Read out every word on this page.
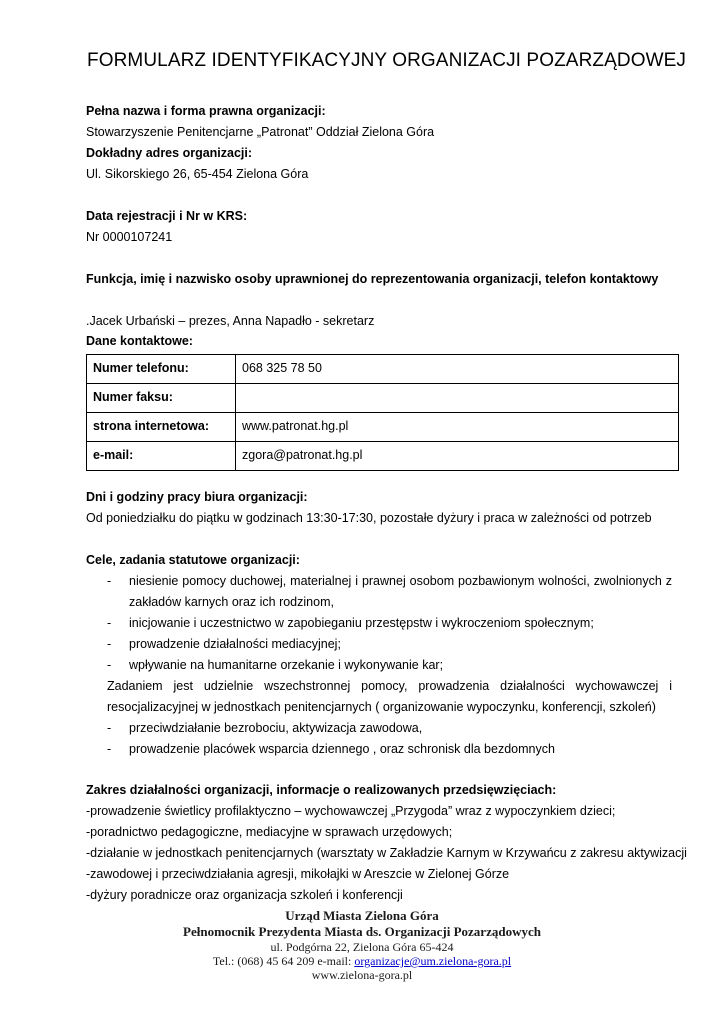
FORMULARZ IDENTYFIKACYJNY ORGANIZACJI POZARZĄDOWEJ
Pełna nazwa i forma prawna organizacji:
Stowarzyszenie Penitencjarne „Patronat” Oddział Zielona Góra
Dokładny adres organizacji:
Ul. Sikorskiego 26, 65-454 Zielona Góra
Data rejestracji i Nr w KRS:
Nr 0000107241
Funkcja, imię i nazwisko osoby uprawnionej do reprezentowania organizacji, telefon kontaktowy
.Jacek Urbański – prezes, Anna Napadło - sekretarz
Dane kontaktowe:
Numer telefonu:	068 325 78 50
Numer faksu:	
strona internetowa:	www.patronat.hg.pl
e-mail:	zgora@patronat.hg.pl
Dni i godziny pracy biura organizacji:
Od poniedziałku do piątku w godzinach 13:30-17:30, pozostałe dyżury i praca w zależności od potrzeb
Cele, zadania statutowe organizacji:
- niesienie pomocy duchowej, materialnej i prawnej osobom pozbawionym wolności, zwolnionych z
zakładów karnych oraz ich rodzinom,
- inicjowanie i uczestnictwo w zapobieganiu przestępstw i wykroczeniom społecznym;
- prowadzenie działalności mediacyjnej;
- wpływanie na humanitarne orzekanie i wykonywanie kar;
Zadaniem jest udzielnie wszechstronnej pomocy, prowadzenia działalności wychowawczej i
resocjalizacyjnej w jednostkach penitencjarnych ( organizowanie wypoczynku, konferencji, szkoleń)
- przeciwdziałanie bezrobociu, aktywizacja zawodowa,
- prowadzenie placówek wsparcia dziennego , oraz schronisk dla bezdomnych
Zakres działalności organizacji, informacje o realizowanych przedsięwzięciach:
-prowadzenie świetlicy profilaktyczno – wychowawczej „Przygoda” wraz z wypoczynkiem dzieci;
-poradnictwo pedagogiczne, mediacyjne w sprawach urzędowych;
-działanie w jednostkach penitencjarnych (warsztaty w Zakładzie Karnym w Krzywańcu z zakresu aktywizacji
-zawodowej i przeciwdziałania agresji, mikołajki w Areszcie w Zielonej Górze
-dyżury poradnicze oraz organizacja szkoleń i konferencji
Urząd Miasta Zielona Góra
Pełnomocnik Prezydenta Miasta ds. Organizacji Pozarządowych
ul. Podgórna 22, Zielona Góra 65-424
Tel.: (068) 45 64 209 e-mail: organizacje@um.zielona-gora.pl
www.zielona-gora.pl
